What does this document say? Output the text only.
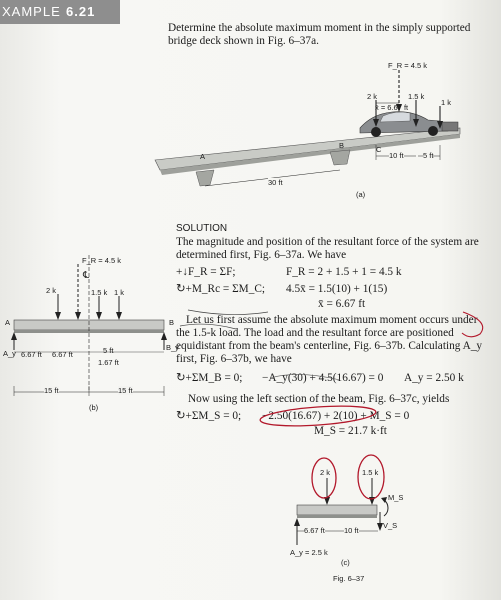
XAMPLE 6.21
Determine the absolute maximum moment in the simply supported
bridge deck shown in Fig. 6–37a.
F_R = 4.5 k
2 k
x̄ = 6.67 ft
1.5 k
1 k
A
B	C
10 ft	5 ft
30 ft
(a)
F_R = 4.5 k
℄
2 k	1.5 k 1 k
A	B
A_y
B_y
6.67 ft 6.67 ft	5 ft
1.67 ft
15 ft	15 ft
(b)
SOLUTION
The magnitude and position of the resultant force of the system are
determined first, Fig. 6–37a. We have
+↓F_R = ΣF;	F_R = 2 + 1.5 + 1 = 4.5 k
↻+M_Rc = ΣM_C; 4.5x̄ = 1.5(10) + 1(15)
x̄ = 6.67 ft
Let us first assume the absolute maximum moment occurs under
the 1.5-k load. The load and the resultant force are positioned
equidistant from the beam's centerline, Fig. 6–37b. Calculating A_y
first, Fig. 6–37b, we have
↻+ΣM_B = 0; −A_y(30) + 4.5(16.67) = 0 A_y = 2.50 k
Now using the left section of the beam, Fig. 6–37c, yields
↻+ΣM_S = 0; −2.50(16.67) + 2(10) + M_S = 0
M_S = 21.7 k·ft
2 k	1.5 k
M_S
V_S
6.67 ft	10 ft
A_y = 2.5 k
(c)
Fig. 6–37
